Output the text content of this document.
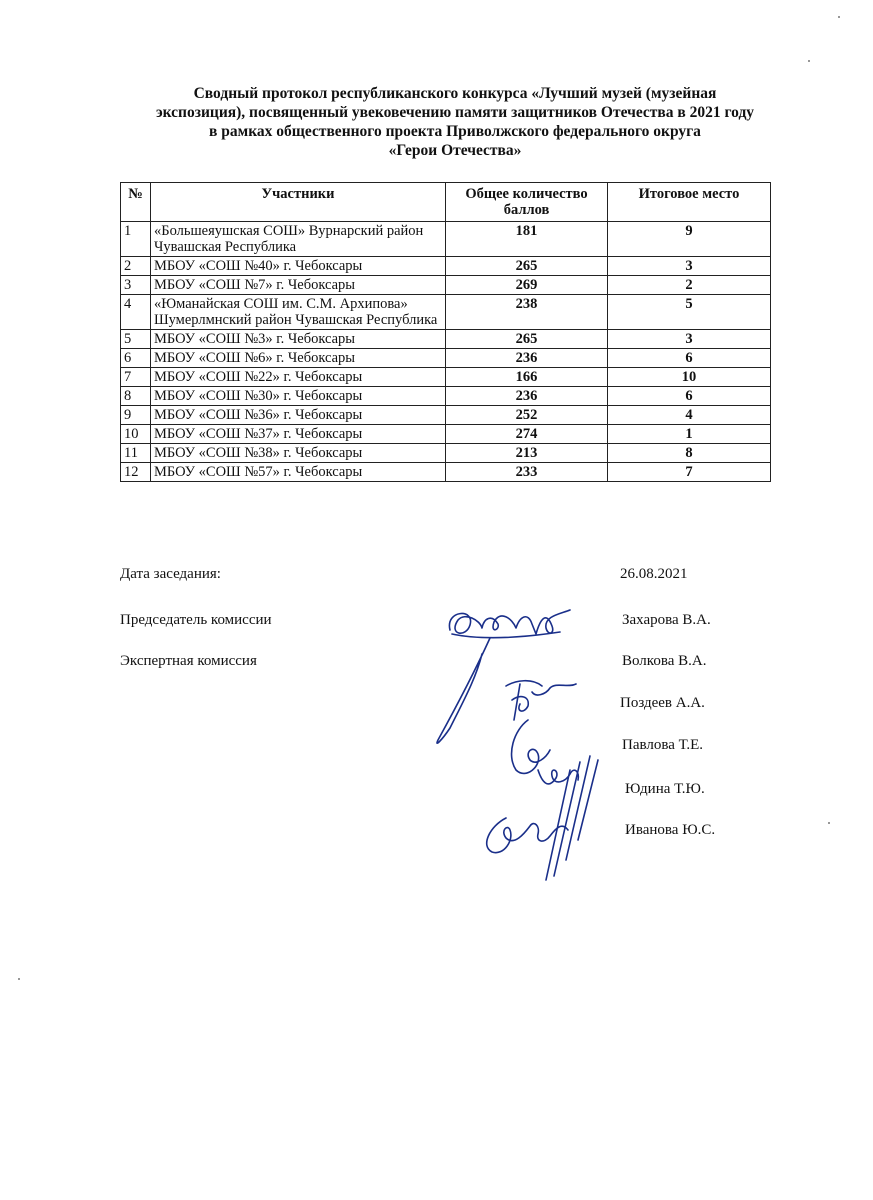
Сводный протокол республиканского конкурса «Лучший музей (музейная
экспозиция), посвященный увековечению памяти защитников Отечества в 2021 году
в рамках общественного проекта Приволжского федерального округа
«Герои Отечества»
№	Участники	Общее количество баллов	Итоговое место
1	«Большеяушская СОШ» Вурнарский район Чувашская Республика	181	9
2	МБОУ «СОШ №40» г. Чебоксары	265	3
3	МБОУ «СОШ №7» г. Чебоксары	269	2
4	«Юманайская СОШ им. С.М. Архипова» Шумерлмнский район Чувашская Республика	238	5
5	МБОУ «СОШ №3» г. Чебоксары	265	3
6	МБОУ «СОШ №6» г. Чебоксары	236	6
7	МБОУ «СОШ №22» г. Чебоксары	166	10
8	МБОУ «СОШ №30» г. Чебоксары	236	6
9	МБОУ «СОШ №36» г. Чебоксары	252	4
10	МБОУ «СОШ №37» г. Чебоксары	274	1
11	МБОУ «СОШ №38» г. Чебоксары	213	8
12	МБОУ «СОШ №57» г. Чебоксары	233	7
Дата заседания:	26.08.2021
Председатель комиссии	Захарова В.А.
Экспертная комиссия	Волкова В.А.
Поздеев А.А.
Павлова Т.Е.
Юдина Т.Ю.
Иванова Ю.С.
